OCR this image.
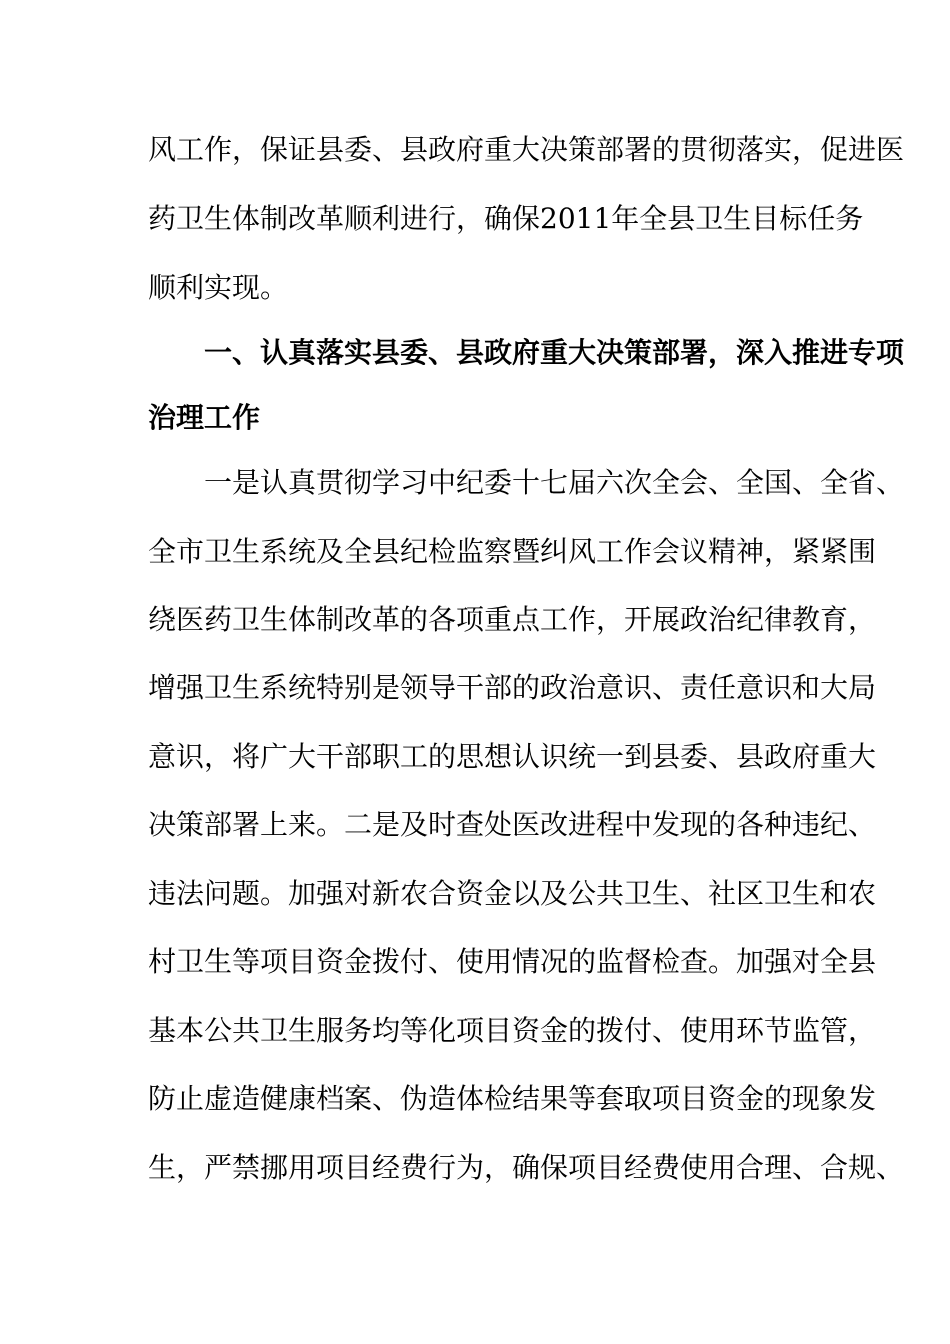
风工作，保证县委、县政府重大决策部署的贯彻落实，促进医
药卫生体制改革顺利进行，确保2011年全县卫生目标任务
顺利实现。
一、认真落实县委、县政府重大决策部署，深入推进专项
治理工作
一是认真贯彻学习中纪委十七届六次全会、全国、全省、
全市卫生系统及全县纪检监察暨纠风工作会议精神，紧紧围
绕医药卫生体制改革的各项重点工作，开展政治纪律教育，
增强卫生系统特别是领导干部的政治意识、责任意识和大局
意识，将广大干部职工的思想认识统一到县委、县政府重大
决策部署上来。二是及时查处医改进程中发现的各种违纪、
违法问题。加强对新农合资金以及公共卫生、社区卫生和农
村卫生等项目资金拨付、使用情况的监督检查。加强对全县
基本公共卫生服务均等化项目资金的拨付、使用环节监管，
防止虚造健康档案、伪造体检结果等套取项目资金的现象发
生，严禁挪用项目经费行为，确保项目经费使用合理、合规、
